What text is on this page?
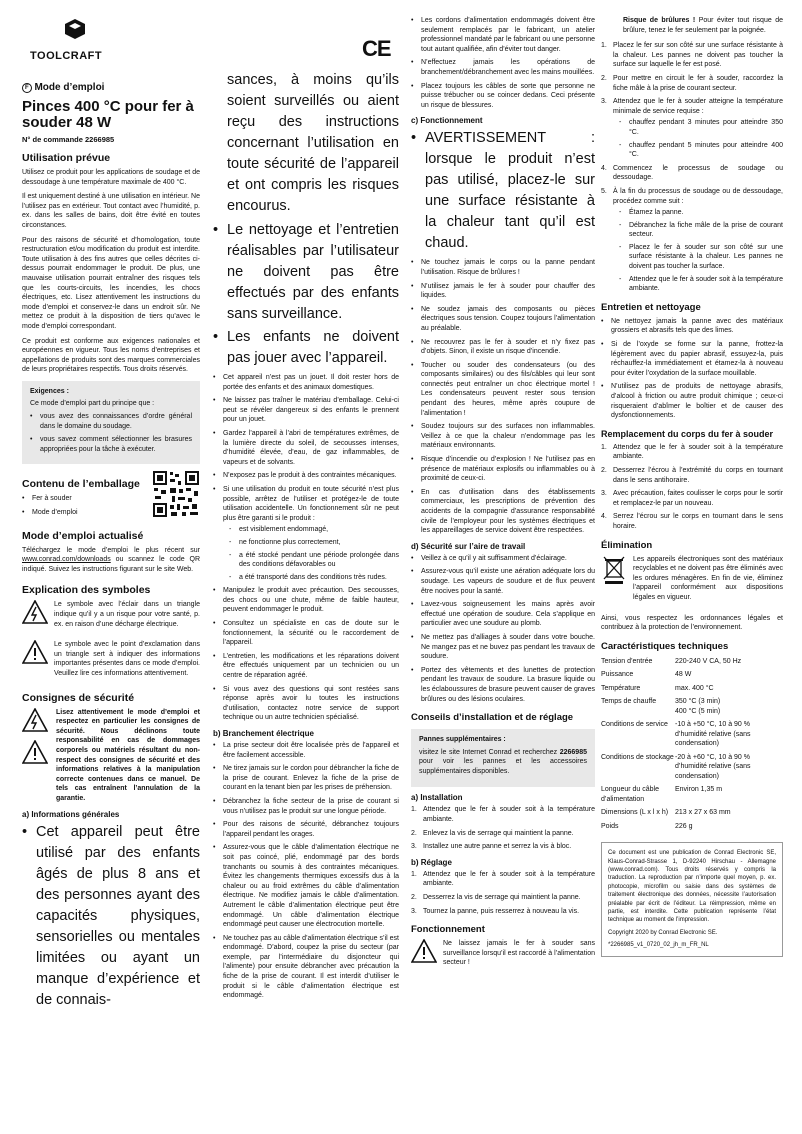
TOOLCRAFT	CE
F Mode d’emploi
Pinces 400 °C pour fer à souder 48 W
N° de commande 2266985
Utilisation prévue

Utilisez ce produit pour les applications de soudage et de dessoudage à une température maximale de 400 °C.

Il est uniquement destiné à une utilisation en intérieur. Ne l’utilisez pas en extérieur. Tout contact avec l’humidité, p. ex. dans les salles de bains, doit être évité en toutes circonstances.

Pour des raisons de sécurité et d’homologation, toute restructuration et/ou modification du produit est interdite. Toute utilisation à des fins autres que celles décrites ci-dessus pourrait endommager le produit. De plus, une mauvaise utilisation pourrait entraîner des risques tels que les courts-circuits, les incendies, les chocs électriques, etc. Lisez attentivement les instructions du mode d’emploi et conservez-le dans un endroit sûr. Ne mettez ce produit à la disposition de tiers qu’avec le mode d’emploi correspondant.

Ce produit est conforme aux exigences nationales et européennes en vigueur. Tous les noms d’entreprises et appellations de produits sont des marques commerciales de leurs propriétaires respectifs. Tous droits réservés.

Exigences :

Ce mode d’emploi part du principe que :

• vous avez des connaissances d’ordre général dans le domaine du soudage.
• vous savez comment sélectionner les brasures appropriées pour la tâche à exécuter.
Contenu de l’emballage
• Fer à souder
• Mode d’emploi
Mode d’emploi actualisé

Téléchargez le mode d’emploi le plus récent sur www.conrad.com/downloads ou scannez le code QR indiqué. Suivez les instructions figurant sur le site Web.

Explication des symboles

Le symbole avec l’éclair dans un triangle indique qu’il y a un risque pour votre santé, p. ex. en raison d’une décharge électrique.

Le symbole avec le point d’exclamation dans un triangle sert à indiquer des informations importantes présentes dans ce mode d’emploi. Veuillez lire ces informations attentivement.

Consignes de sécurité

Lisez attentivement le mode d’emploi et respectez en particulier les consignes de sécurité. Nous déclinons toute responsabilité en cas de dommages corporels ou matériels résultant du non-respect des consignes de sécurité et des informations relatives à la manipulation correcte contenues dans ce manuel. De tels cas entraînent l’annulation de la garantie.

a) Informations générales
• Cet appareil peut être utilisé par des enfants âgés de plus 8 ans et des personnes ayant des capacités physiques, sensorielles ou mentales limitées ou ayant un manque d’expérience et de connais-

sances, à moins qu’ils soient surveillés ou aient reçu des instructions concernant l’utilisation en toute sécurité de l’appareil et ont compris les risques encourus.

• Le nettoyage et l’entretien réalisables par l’utilisateur ne doivent pas être effectués par des enfants sans surveillance.
• Les enfants ne doivent pas jouer avec l’appareil.
• Cet appareil n’est pas un jouet. Il doit rester hors de portée des enfants et des animaux domestiques.
• Ne laissez pas traîner le matériau d’emballage. Celui-ci peut se révéler dangereux si des enfants le prennent pour un jouet.
• Gardez l’appareil à l’abri de températures extrêmes, de la lumière directe du soleil, de secousses intenses, d’humidité élevée, d’eau, de gaz inflammables, de vapeurs et de solvants.
• N’exposez pas le produit à des contraintes mécaniques.
• Si une utilisation du produit en toute sécurité n’est plus possible, arrêtez de l’utiliser et protégez-le de toute utilisation accidentelle. Un fonctionnement sûr ne peut plus être garanti si le produit :
- est visiblement endommagé,
- ne fonctionne plus correctement,
- a été stocké pendant une période prolongée dans des conditions défavorables ou
- a été transporté dans des conditions très rudes.
• Manipulez le produit avec précaution. Des secousses, des chocs ou une chute, même de faible hauteur, peuvent endommager le produit.
• Consultez un spécialiste en cas de doute sur le fonctionnement, la sécurité ou le raccordement de l’appareil.
• L’entretien, les modifications et les réparations doivent être effectués uniquement par un technicien ou un centre de réparation agréé.
• Si vous avez des questions qui sont restées sans réponse après avoir lu toutes les instructions d’utilisation, contactez notre service de support technique ou un autre technicien spécialisé.
b) Branchement électrique
• La prise secteur doit être localisée près de l’appareil et être facilement accessible.
• Ne tirez jamais sur le cordon pour débrancher la fiche de la prise de courant. Enlevez la fiche de la prise de courant en la tenant bien par les prises de préhension.
• Débranchez la fiche secteur de la prise de courant si vous n’utilisez pas le produit sur une longue période.
• Pour des raisons de sécurité, débranchez toujours l’appareil pendant les orages.
• Assurez-vous que le câble d’alimentation électrique ne soit pas coincé, plié, endommagé par des bords tranchants ou soumis à des contraintes mécaniques. Évitez les changements thermiques excessifs dus à la chaleur ou au froid extrêmes du câble d’alimentation électrique. Ne modifiez jamais le câble d’alimentation. Autrement le câble d’alimentation électrique peut être endommagé. Un câble d’alimentation électrique endommagé peut causer une électrocution mortelle.
• Ne touchez pas au câble d’alimentation électrique s’il est endommagé. D’abord, coupez la prise du secteur (par exemple, par l’intermédiaire du disjoncteur qui l’alimente) pour ensuite débrancher avec précaution la fiche de la prise de courant. Il est interdit d’utiliser le produit si le câble d’alimentation électrique est endommagé.
• Les cordons d’alimentation endommagés doivent être seulement remplacés par le fabricant, un atelier professionnel mandaté par le fabricant ou une personne tout autant qualifiée, afin d’éviter tout danger.
• N’effectuez jamais les opérations de branchement/débranchement avec les mains mouillées.
• Placez toujours les câbles de sorte que personne ne puisse trébucher ou se coincer dedans. Ceci présente un risque de blessures.
c) Fonctionnement
• AVERTISSEMENT : lorsque le produit n’est pas utilisé, placez-le sur une surface résistante à la chaleur tant qu’il est chaud.
• Ne touchez jamais le corps ou la panne pendant l’utilisation. Risque de brûlures !
• N’utilisez jamais le fer à souder pour chauffer des liquides.
• Ne soudez jamais des composants ou pièces électriques sous tension. Coupez toujours l’alimentation au préalable.
• Ne recouvrez pas le fer à souder et n’y fixez pas d’objets. Sinon, il existe un risque d’incendie.
• Toucher ou souder des condensateurs (ou des composants similaires) ou des fils/câbles qui leur sont connectés peut entraîner un choc électrique mortel ! Les condensateurs peuvent rester sous tension pendant des heures, même après coupure de l’alimentation !
• Soudez toujours sur des surfaces non inflammables. Veillez à ce que la chaleur n’endommage pas les matériaux environnants.
• Risque d’incendie ou d’explosion ! Ne l’utilisez pas en présence de matériaux explosifs ou inflammables ou à proximité de ceux-ci.
• En cas d’utilisation dans des établissements commerciaux, les prescriptions de prévention des accidents de la compagnie d’assurance responsabilité civile de l’employeur pour les systèmes électriques et les appareillages de service doivent être respectées.
d) Sécurité sur l’aire de travail
• Veillez à ce qu’il y ait suffisamment d’éclairage.
• Assurez-vous qu’il existe une aération adéquate lors du soudage. Les vapeurs de soudure et de flux peuvent être nocives pour la santé.
• Lavez-vous soigneusement les mains après avoir effectué une opération de soudure. Cela s’applique en particulier avec une soudure au plomb.
• Ne mettez pas d’alliages à souder dans votre bouche. Ne mangez pas et ne buvez pas pendant les travaux de soudure.
• Portez des vêtements et des lunettes de protection pendant les travaux de soudure. La brasure liquide ou les éclaboussures de brasure peuvent causer de graves brûlures ou des lésions oculaires.
Conseils d’installation et de réglage

Pannes supplémentaires :

visitez le site Internet Conrad et recherchez 2266985 pour voir les pannes et les accessoires supplémentaires disponibles.

a) Installation
1. Attendez que le fer à souder soit à la température ambiante.
2. Enlevez la vis de serrage qui maintient la panne.
3. Installez une autre panne et serrez la vis à bloc.
b) Réglage
1. Attendez que le fer à souder soit à la température ambiante.
2. Desserrez la vis de serrage qui maintient la panne.
3. Tournez la panne, puis resserrez à nouveau la vis.
Fonctionnement

Ne laissez jamais le fer à souder sans surveillance lorsqu’il est raccordé à l’alimentation secteur !

Risque de brûlures ! Pour éviter tout risque de brûlure, tenez le fer seulement par la poignée.

1. Placez le fer sur son côté sur une surface résistante à la chaleur. Les pannes ne doivent pas toucher la surface sur laquelle le fer est posé.
2. Pour mettre en circuit le fer à souder, raccordez la fiche mâle à la prise de courant secteur.
3. Attendez que le fer à souder atteigne la température minimale de service requise :
- chauffez pendant 3 minutes pour atteindre 350 °C.
- chauffez pendant 5 minutes pour atteindre 400 °C.
4. Commencez le processus de soudage ou dessoudage.
5. À la fin du processus de soudage ou de dessoudage, procédez comme suit :
- Étamez la panne.
- Débranchez la fiche mâle de la prise de courant secteur.
- Placez le fer à souder sur son côté sur une surface résistante à la chaleur. Les pannes ne doivent pas toucher la surface.
- Attendez que le fer à souder soit à la température ambiante.
Entretien et nettoyage
• Ne nettoyez jamais la panne avec des matériaux grossiers et abrasifs tels que des limes.
• Si de l’oxyde se forme sur la panne, frottez-la légèrement avec du papier abrasif, essuyez-la, puis réchauffez-la immédiatement et étamez-la à nouveau pour éviter l’oxydation de la surface mouillable.
• N’utilisez pas de produits de nettoyage abrasifs, d’alcool à friction ou autre produit chimique ; ceux-ci risqueraient d’abîmer le boîtier et de causer des dysfonctionnements.
Remplacement du corps du fer à souder
1. Attendez que le fer à souder soit à la température ambiante.
2. Desserrez l’écrou à l’extrémité du corps en tournant dans le sens antihoraire.
3. Avec précaution, faites coulisser le corps pour le sortir et remplacez-le par un nouveau.
4. Serrez l’écrou sur le corps en tournant dans le sens horaire.
Élimination

Les appareils électroniques sont des matériaux recyclables et ne doivent pas être éliminés avec les ordures ménagères. En fin de vie, éliminez l’appareil conformément aux dispositions légales en vigueur.

Ainsi, vous respectez les ordonnances légales et contribuez à la protection de l’environnement.

Caractéristiques techniques
Tension d’entrée	220-240 V CA, 50 Hz
Puissance	48 W
Température	max. 400 °C
Temps de chauffe	350 °C (3 min)
400 °C (5 min)
Conditions de service	-10 à +50 °C, 10 à 90 % d’humidité relative (sans condensation)
Conditions de stockage	-20 à +60 °C, 10 à 90 % d’humidité relative (sans condensation)
Longueur du câble d’alimentation	Environ 1,35 m
Dimensions (L x l x h)	213 x 27 x 63 mm
Poids	226 g

Ce document est une publication de Conrad Electronic SE, Klaus-Conrad-Strasse 1, D-92240 Hirschau - Allemagne (www.conrad.com). Tous droits réservés y compris la traduction. La reproduction par n’importe quel moyen, p. ex. photocopie, microfilm ou saisie dans des systèmes de traitement électronique des données, nécessite l’autorisation préalable par écrit de l’éditeur. La réimpression, même en partie, est interdite. Cette publication représente l’état technique au moment de l’impression.

Copyright 2020 by Conrad Electronic SE.

*2266985_v1_0720_02_jh_m_FR_NL
